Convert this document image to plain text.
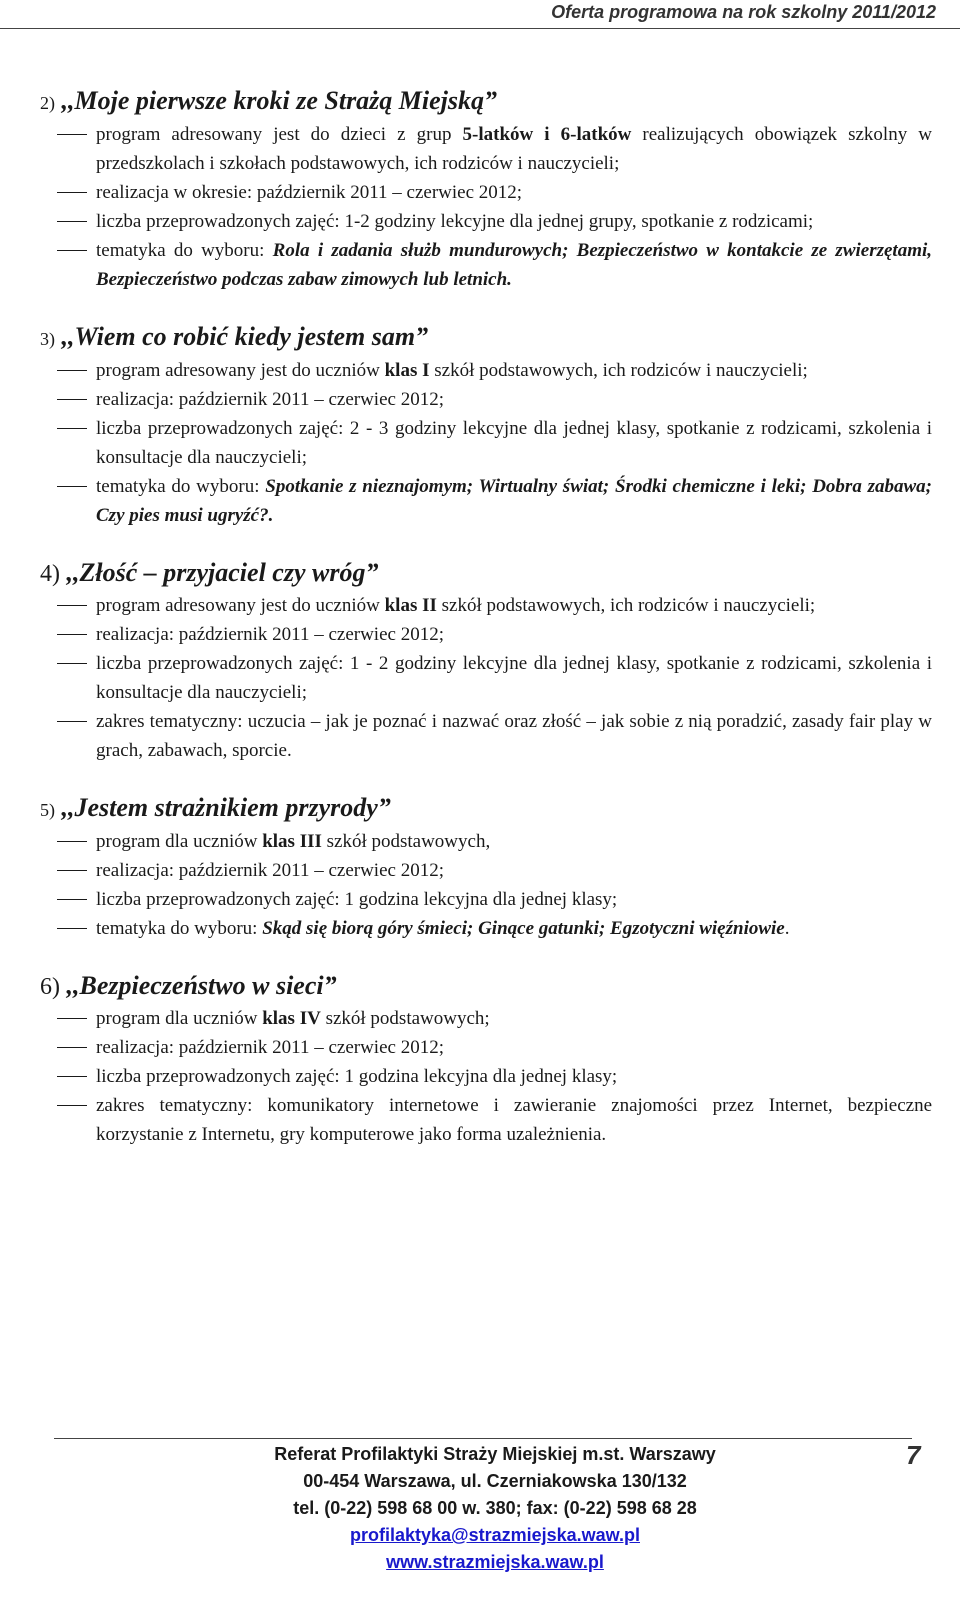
Oferta programowa na rok szkolny 2011/2012

2) ,,Moje pierwsze kroki ze Strażą Miejską”

program adresowany jest do dzieci z grup 5-latków i 6-latków realizujących obowiązek szkolny w przedszkolach i szkołach podstawowych, ich rodziców i nauczycieli;
realizacja w okresie: październik 2011 – czerwiec 2012;
liczba przeprowadzonych zajęć: 1-2 godziny lekcyjne dla jednej grupy, spotkanie z rodzicami;
tematyka do wyboru: Rola i zadania służb mundurowych; Bezpieczeństwo w kontakcie ze zwierzętami, Bezpieczeństwo podczas zabaw zimowych lub letnich.

3) ,,Wiem co robić kiedy jestem sam”

program adresowany jest do uczniów klas I szkół podstawowych, ich rodziców i nauczycieli;
realizacja: październik 2011 – czerwiec 2012;
liczba przeprowadzonych zajęć: 2 - 3 godziny lekcyjne dla jednej klasy, spotkanie z rodzicami, szkolenia i konsultacje dla nauczycieli;
tematyka do wyboru: Spotkanie z nieznajomym; Wirtualny świat; Środki chemiczne i leki; Dobra zabawa; Czy pies musi ugryźć?.

4) ,,Złość – przyjaciel czy wróg”

program adresowany jest do uczniów klas II szkół podstawowych, ich rodziców i nauczycieli;
realizacja: październik 2011 – czerwiec 2012;
liczba przeprowadzonych zajęć: 1 - 2 godziny lekcyjne dla jednej klasy, spotkanie z rodzicami, szkolenia i konsultacje dla nauczycieli;
zakres tematyczny: uczucia – jak je poznać i nazwać oraz złość – jak sobie z nią poradzić, zasady fair play w grach, zabawach, sporcie.

5) ,,Jestem strażnikiem przyrody”

program dla uczniów klas III szkół podstawowych,
realizacja: październik 2011 – czerwiec 2012;
liczba przeprowadzonych zajęć: 1 godzina lekcyjna dla jednej klasy;
tematyka do wyboru: Skąd się biorą góry śmieci; Ginące gatunki; Egzotyczni więźniowie.

6) ,,Bezpieczeństwo w sieci”

program dla uczniów klas IV szkół podstawowych;
realizacja: październik 2011 – czerwiec 2012;
liczba przeprowadzonych zajęć: 1 godzina lekcyjna dla jednej klasy;
zakres tematyczny: komunikatory internetowe i zawieranie znajomości przez Internet, bezpieczne korzystanie z Internetu, gry komputerowe jako forma uzależnienia.
Referat Profilaktyki Straży Miejskiej m.st. Warszawy
00-454 Warszawa, ul. Czerniakowska 130/132
tel. (0-22) 598 68 00 w. 380; fax: (0-22) 598 68 28
profilaktyka@strazmiejska.waw.pl
www.strazmiejska.waw.pl
7
